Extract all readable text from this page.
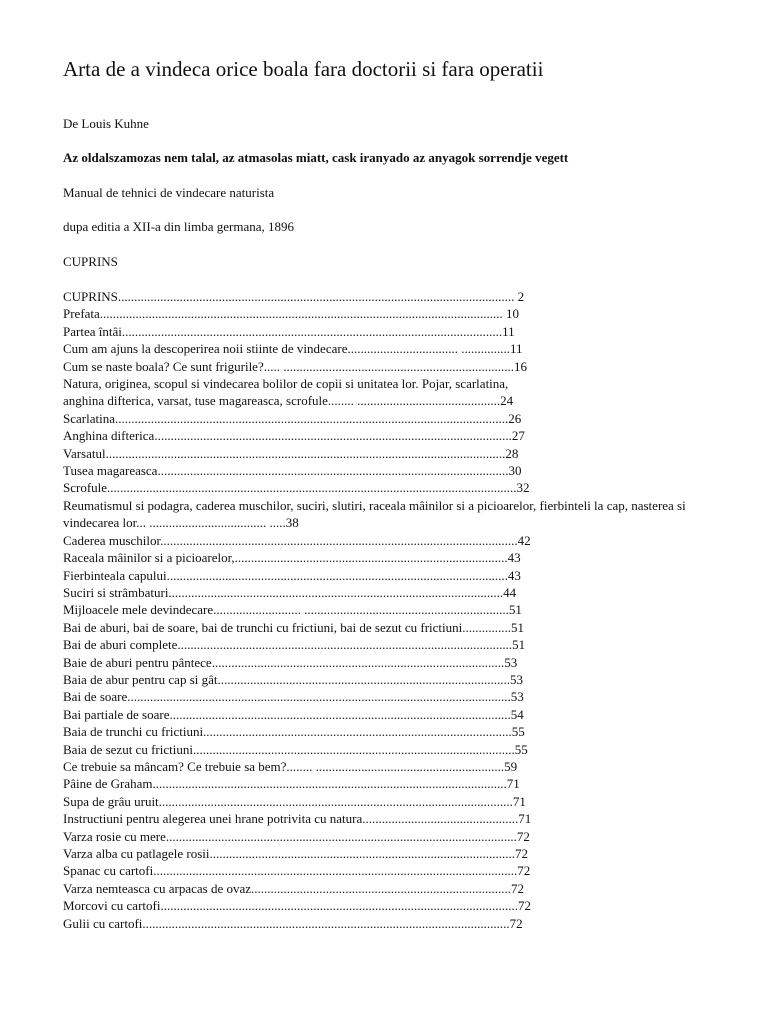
Arta de a vindeca orice boala fara doctorii si fara operatii
De Louis Kuhne
Az oldalszamozas nem talal, az atmasolas miatt, cask iranyado az anyagok sorrendje vegett
Manual de tehnici de vindecare naturista
dupa editia a XII-a din limba germana, 1896
CUPRINS
CUPRINS.......................................................................................................................... 2
Prefata............................................................................................................................ 10
Partea întâi.....................................................................................................................11
Cum am ajuns la descoperirea noii stiinte de vindecare.................................. ...............11
Cum se naste boala? Ce sunt frigurile?..... .......................................................................16
Natura, originea, scopul si vindecarea bolilor de copii si unitatea lor. Pojar, scarlatina,
anghina difterica, varsat, tuse magareasca, scrofule........ ............................................24
Scarlatina.........................................................................................................................26
Anghina difterica..............................................................................................................27
Varsatul...........................................................................................................................28
Tusea magareasca............................................................................................................30
Scrofule..............................................................................................................................32
Reumatismul si podagra, caderea muschilor, suciri, slutiri, raceala mâinilor si a picioarelor, fierbinteli la cap, nasterea si vindecarea lor... .................................... .....38
Caderea muschilor..............................................................................................................42
Raceala mâinilor si a picioarelor,....................................................................................43
Fierbinteala capului.........................................................................................................43
Suciri si strâmbaturi.......................................................................................................44
Mijloacele mele devindecare........................... ...............................................................51
Bai de aburi, bai de soare, bai de trunchi cu frictiuni, bai de sezut cu frictiuni...............51
Bai de aburi complete.......................................................................................................51
Baie de aburi pentru pântece..........................................................................................53
Baia de abur pentru cap si gât..........................................................................................53
Bai de soare......................................................................................................................53
Bai partiale de soare.........................................................................................................54
Baia de trunchi cu frictiuni...............................................................................................55
Baia de sezut cu frictiuni...................................................................................................55
Ce trebuie sa mâncam? Ce trebuie sa bem?........ ..........................................................59
Pâine de Graham.............................................................................................................71
Supa de grâu uruit.............................................................................................................71
Instructiuni pentru alegerea unei hrane potrivita cu natura................................................71
Varza rosie cu mere............................................................................................................72
Varza alba cu patlagele rosii..............................................................................................72
Spanac cu cartofi................................................................................................................72
Varza nemteasca cu arpacas de ovaz................................................................................72
Morcovi cu cartofi..............................................................................................................72
Gulii cu cartofi.................................................................................................................72
